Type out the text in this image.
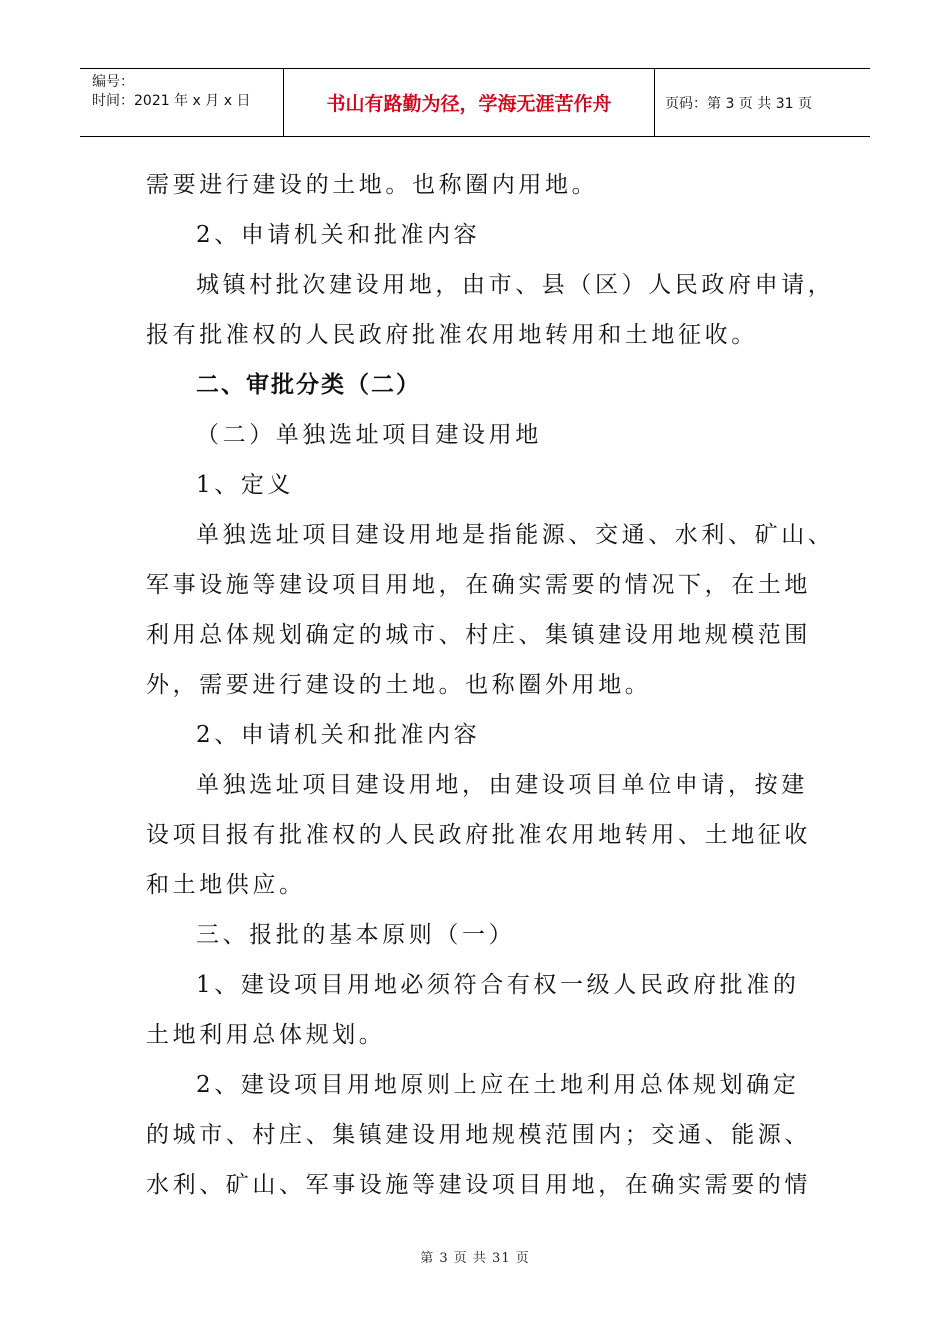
编号：
时间：2021 年 x 月 x 日	书山有路勤为径，学海无涯苦作舟	页码：第 3 页 共 31 页
需要进行建设的土地。也称圈内用地。
2、申请机关和批准内容
城镇村批次建设用地，由市、县（区）人民政府申请，
报有批准权的人民政府批准农用地转用和土地征收。
二、审批分类（二）
（二）单独选址项目建设用地
1、定义
单独选址项目建设用地是指能源、交通、水利、矿山、
军事设施等建设项目用地，在确实需要的情况下，在土地
利用总体规划确定的城市、村庄、集镇建设用地规模范围
外，需要进行建设的土地。也称圈外用地。
2、申请机关和批准内容
单独选址项目建设用地，由建设项目单位申请，按建
设项目报有批准权的人民政府批准农用地转用、土地征收
和土地供应。
三、报批的基本原则（一）
1、建设项目用地必须符合有权一级人民政府批准的
土地利用总体规划。
2、建设项目用地原则上应在土地利用总体规划确定
的城市、村庄、集镇建设用地规模范围内；交通、能源、
水利、矿山、军事设施等建设项目用地，在确实需要的情
第 3 页 共 31 页
